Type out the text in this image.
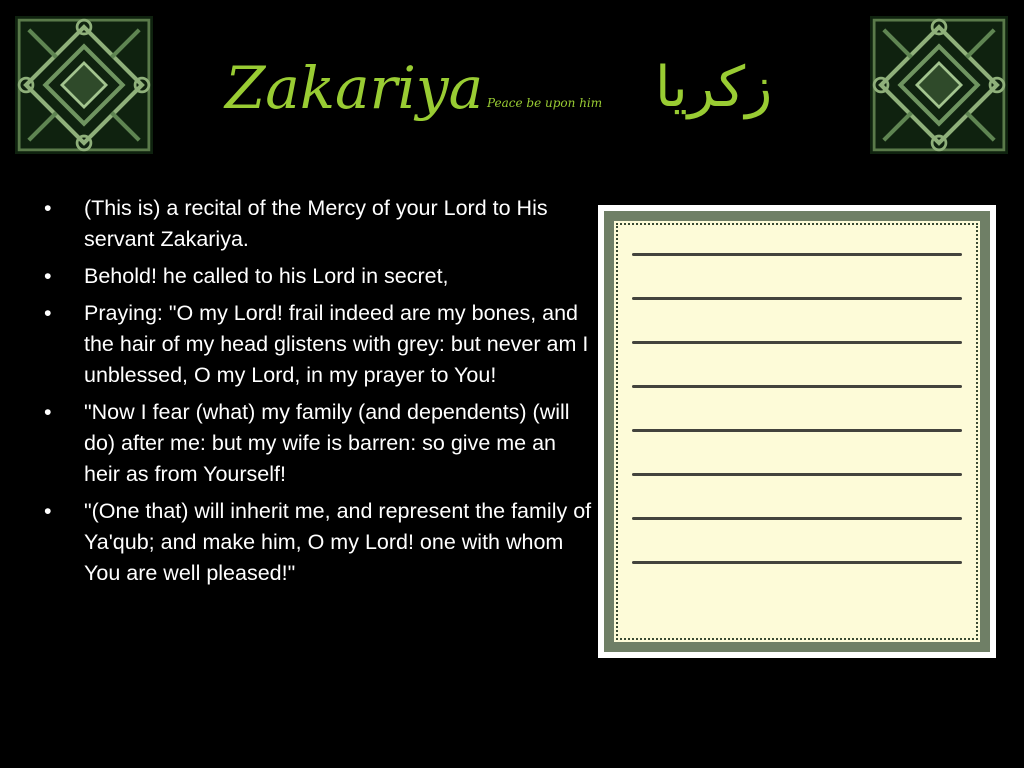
Zakariya Peace be upon him زكريا
• (This is) a recital of the Mercy of your Lord to His servant Zakariya.
• Behold! he called to his Lord in secret,
• Praying: "O my Lord! frail indeed are my bones, and the hair of my head glistens with grey: but never am I unblessed, O my Lord, in my prayer to You!
• "Now I fear (what) my family (and dependents) (will do) after me: but my wife is barren: so give me an heir as from Yourself!
• "(One that) will inherit me, and represent the family of Ya'qub; and make him, O my Lord! one with whom You are well pleased!"
